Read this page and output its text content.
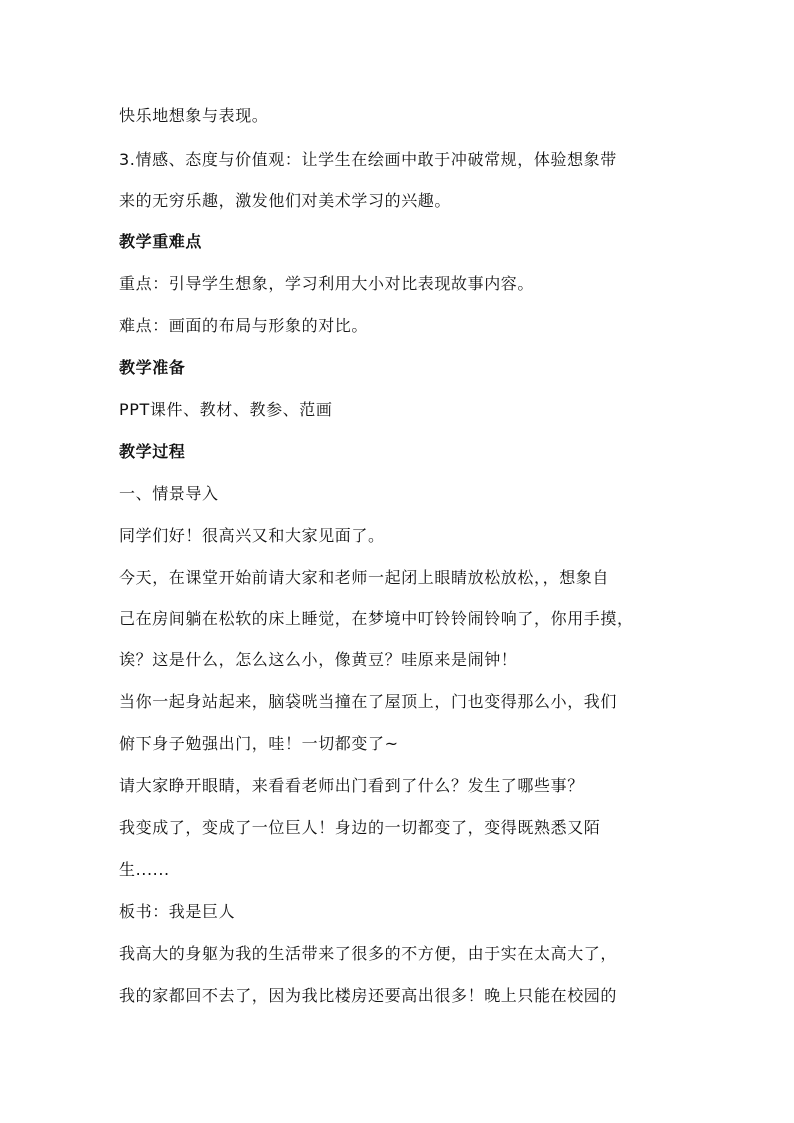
快乐地想象与表现。
3.情感、态度与价值观：让学生在绘画中敢于冲破常规，体验想象带
来的无穷乐趣，激发他们对美术学习的兴趣。
教学重难点
重点：引导学生想象，学习利用大小对比表现故事内容。
难点：画面的布局与形象的对比。
教学准备
PPT课件、教材、教参、范画
教学过程
一、情景导入
同学们好！很高兴又和大家见面了。
今天，在课堂开始前请大家和老师一起闭上眼睛放松放松，，想象自
己在房间躺在松软的床上睡觉，在梦境中叮铃铃闹铃响了，你用手摸，
诶？这是什么，怎么这么小，像黄豆？哇原来是闹钟！
当你一起身站起来，脑袋咣当撞在了屋顶上，门也变得那么小，我们
俯下身子勉强出门，哇！一切都变了~
请大家睁开眼睛，来看看老师出门看到了什么？发生了哪些事？
我变成了，变成了一位巨人！身边的一切都变了，变得既熟悉又陌
生......
板书：我是巨人
我高大的身躯为我的生活带来了很多的不方便，由于实在太高大了，
我的家都回不去了，因为我比楼房还要高出很多！晚上只能在校园的
